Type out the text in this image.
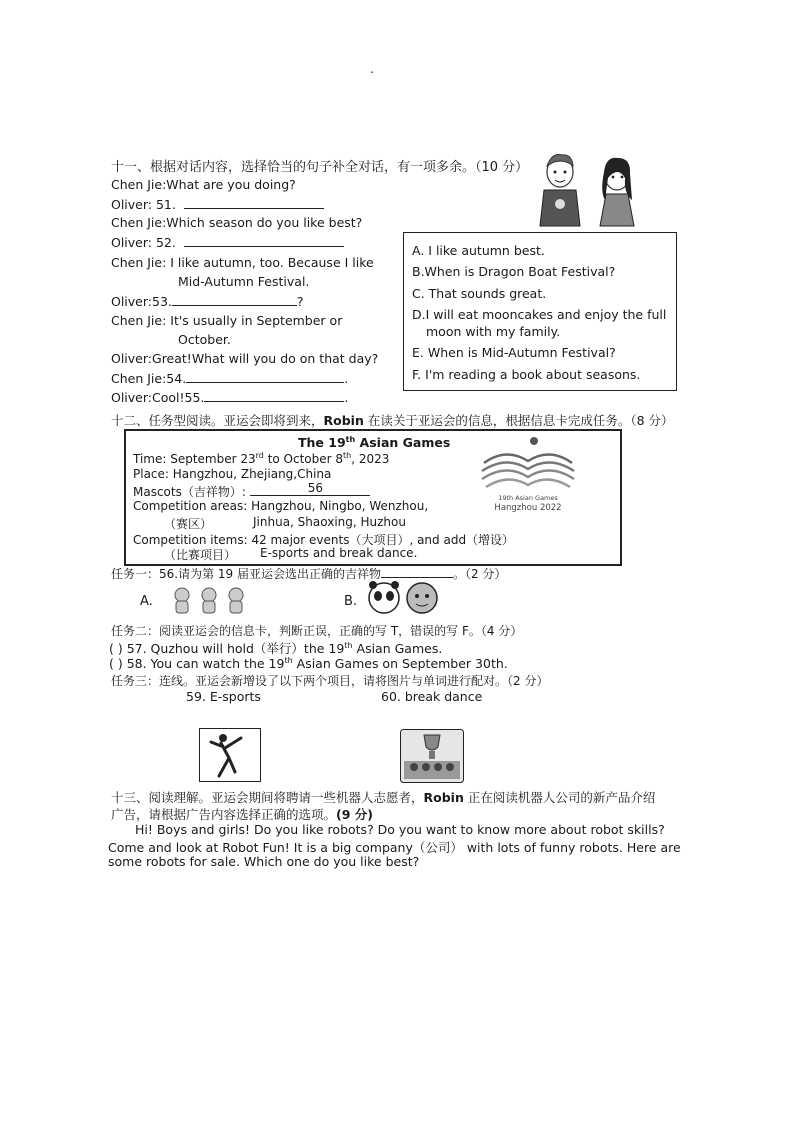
.
十一、根据对话内容，选择恰当的句子补全对话，有一项多余。（10 分）
Chen Jie:What are you doing?
Oliver: 51.
Chen Jie:Which season do you like best?
Oliver: 52.
Chen Jie: I like autumn, too. Because I like
Mid-Autumn Festival.
Oliver:53.	?
Chen Jie: It's usually in September or
October.
Oliver:Great!What will you do on that day?
Chen Jie:54.	.
Oliver:Cool!55.	.
A. I like autumn best.
B.When is Dragon Boat Festival?
C. That sounds great.
D.I will eat mooncakes and enjoy the full
moon with my family.
E. When is Mid-Autumn Festival?
F. I'm reading a book about seasons.
十二、任务型阅读。亚运会即将到来，Robin 在读关于亚运会的信息，根据信息卡完成任务。（8 分）
The 19th Asian Games
Time: September 23rd to October 8th, 2023
Place: Hangzhou, Zhejiang,China
Mascots（吉祥物）:	56
Competition areas: Hangzhou, Ningbo, Wenzhou,
（赛区）	Jinhua, Shaoxing, Huzhou
Competition items: 42 major events（大项目）, and add（增设）
（比赛项目） E-sports and break dance.
19th Asian Games
Hangzhou 2022
任务一：56.请为第 19 届亚运会选出正确的吉祥物	。（2 分）
A.	B.
任务二：阅读亚运会的信息卡，判断正误，正确的写 T，错误的写 F。（4 分）
( ) 57. Quzhou will hold（举行）the 19th Asian Games.
( ) 58. You can watch the 19th Asian Games on September 30th.
任务三：连线。亚运会新增设了以下两个项目，请将图片与单词进行配对。（2 分）
59. E-sports	60. break dance
十三、阅读理解。亚运会期间将聘请一些机器人志愿者，Robin 正在阅读机器人公司的新产品介绍
广告，请根据广告内容选择正确的选项。(9 分)
Hi! Boys and girls! Do you like robots? Do you want to know more about robot skills?
Come and look at Robot Fun! It is a big company（公司） with lots of funny robots. Here are
some robots for sale. Which one do you like best?
